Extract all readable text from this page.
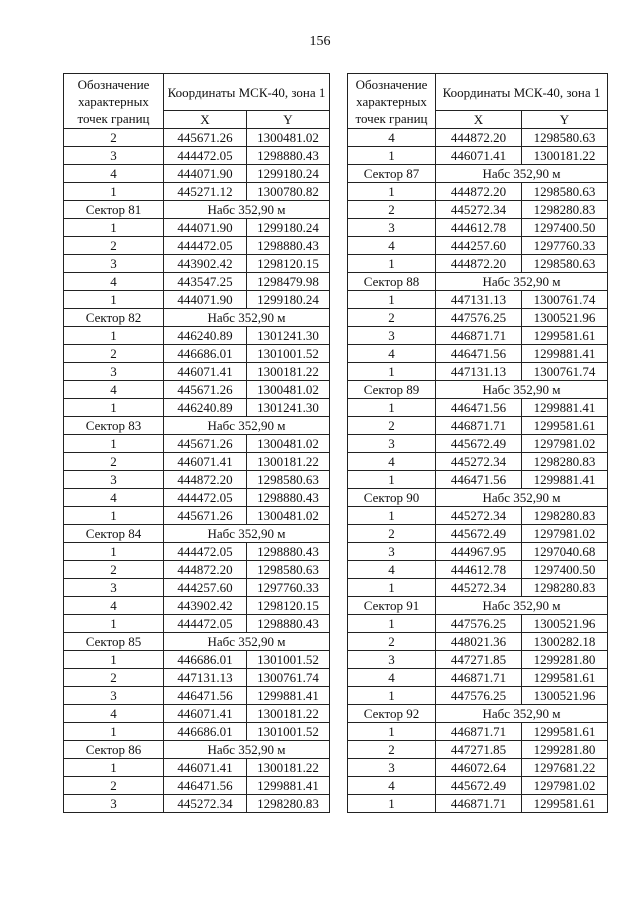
156
Обозначение характерных точек границ	Координаты МСК-40, зона 1	
	X	Y
2	445671.26	1300481.02
3	444472.05	1298880.43
4	444071.90	1299180.24
1	445271.12	1300780.82
Сектор 81	Набс 352,90 м	
1	444071.90	1299180.24
2	444472.05	1298880.43
3	443902.42	1298120.15
4	443547.25	1298479.98
1	444071.90	1299180.24
Сектор 82	Набс 352,90 м	
1	446240.89	1301241.30
2	446686.01	1301001.52
3	446071.41	1300181.22
4	445671.26	1300481.02
1	446240.89	1301241.30
Сектор 83	Набс 352,90 м	
1	445671.26	1300481.02
2	446071.41	1300181.22
3	444872.20	1298580.63
4	444472.05	1298880.43
1	445671.26	1300481.02
Сектор 84	Набс 352,90 м	
1	444472.05	1298880.43
2	444872.20	1298580.63
3	444257.60	1297760.33
4	443902.42	1298120.15
1	444472.05	1298880.43
Сектор 85	Набс 352,90 м	
1	446686.01	1301001.52
2	447131.13	1300761.74
3	446471.56	1299881.41
4	446071.41	1300181.22
1	446686.01	1301001.52
Сектор 86	Набс 352,90 м	
1	446071.41	1300181.22
2	446471.56	1299881.41
3	445272.34	1298280.83
Обозначение характерных точек границ	Координаты МСК-40, зона 1	
	X	Y
4	444872.20	1298580.63
1	446071.41	1300181.22
Сектор 87	Набс 352,90 м	
1	444872.20	1298580.63
2	445272.34	1298280.83
3	444612.78	1297400.50
4	444257.60	1297760.33
1	444872.20	1298580.63
Сектор 88	Набс 352,90 м	
1	447131.13	1300761.74
2	447576.25	1300521.96
3	446871.71	1299581.61
4	446471.56	1299881.41
1	447131.13	1300761.74
Сектор 89	Набс 352,90 м	
1	446471.56	1299881.41
2	446871.71	1299581.61
3	445672.49	1297981.02
4	445272.34	1298280.83
1	446471.56	1299881.41
Сектор 90	Набс 352,90 м	
1	445272.34	1298280.83
2	445672.49	1297981.02
3	444967.95	1297040.68
4	444612.78	1297400.50
1	445272.34	1298280.83
Сектор 91	Набс 352,90 м	
1	447576.25	1300521.96
2	448021.36	1300282.18
3	447271.85	1299281.80
4	446871.71	1299581.61
1	447576.25	1300521.96
Сектор 92	Набс 352,90 м	
1	446871.71	1299581.61
2	447271.85	1299281.80
3	446072.64	1297681.22
4	445672.49	1297981.02
1	446871.71	1299581.61
